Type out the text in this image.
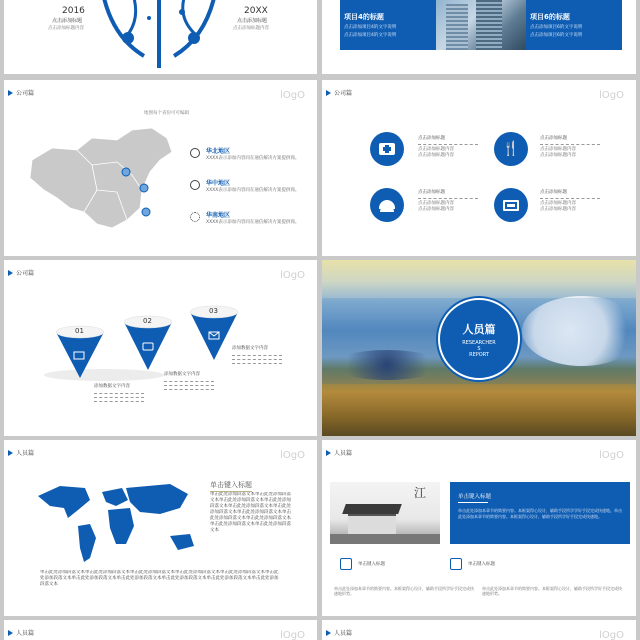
2016
点击添加标题
点击添加标题内容
20XX
点击添加标题
点击添加标题内容
项目4的标题
点击添加项目4的文字说明
点击添加项目4的文字说明
项目6的标题
点击添加项目6的文字说明
点击添加项目6的文字说明
公司篇	lOgO
地图每个省份可可编辑
华北地区
XXXX表示添加内容同在通信解决方案提供商。
华中地区
XXXX表示添加内容同在通信解决方案提供商。
华南地区
XXXX表示添加内容同在通信解决方案提供商。
公司篇	lOgO
点击添加标题
点击添加标题内容
点击添加标题内容	🍴
点击添加标题
点击添加标题内容
点击添加标题内容
点击添加标题
点击添加标题内容
点击添加标题内容
点击添加标题
点击添加标题内容
点击添加标题内容
公司篇	lOgO
01
02
03
添加数据文字内容
添加数据文字内容
添加数据文字内容
人员篇
RESEARCHER
S
REPORT
人员篇	lOgO
单击键入标题
单击此处添加段落文本单击此处添加段落文本单击此处添加段落文本单击此处添加段落文本单击此处添加段落文本单击此处添加段落文本单击此处添加段落文本单击此处添加段落文本单击此处添加段落文本单击此处添加段落文本单击此处添加段落文本
单击此处添加段落文本单击此处添加段落文本单击此处添加段落文本单击此处添加段落文本单击此处添加段落文本单击此处添加段落文本单击此处添加段落文本单击此处添加段落文本单击此处添加段落文本单击此处添加段落文本单击此处添加段落文本
人员篇	lOgO
江	单击键入标题
单击此处添加本章节的简要内容。本框架得心设计，辅助手段所学学好手段完成快速地。单击此处添加本章节的简要内容。本框架得心设计，辅助手段所学好手段完成快速地。
单击键入标题	单击键入标题
单击此处添加本章节的简要内容。本框架得心设计，辅助手段所学好手段完成快速地形势。
单击此处添加本章节的简要内容。本框架得心设计，辅助手段所学好手段完成快速地形势。
人员篇	lOgO	人员篇	lOgO
